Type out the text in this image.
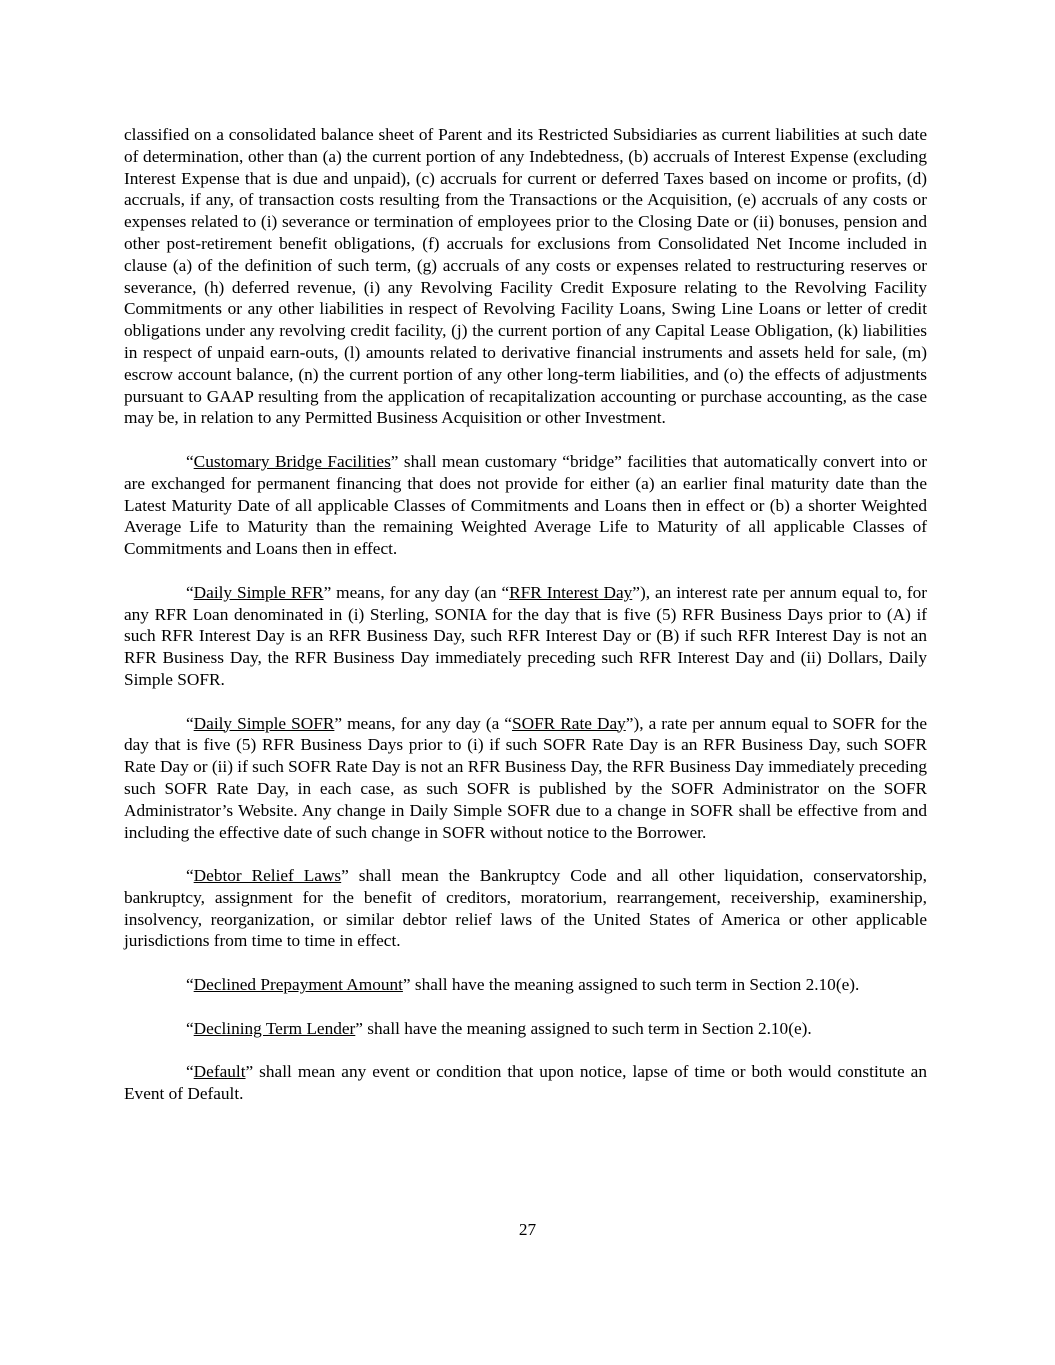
classified on a consolidated balance sheet of Parent and its Restricted Subsidiaries as current liabilities at such date of determination, other than (a) the current portion of any Indebtedness, (b) accruals of Interest Expense (excluding Interest Expense that is due and unpaid), (c) accruals for current or deferred Taxes based on income or profits, (d) accruals, if any, of transaction costs resulting from the Transactions or the Acquisition, (e) accruals of any costs or expenses related to (i) severance or termination of employees prior to the Closing Date or (ii) bonuses, pension and other post-retirement benefit obligations, (f) accruals for exclusions from Consolidated Net Income included in clause (a) of the definition of such term, (g) accruals of any costs or expenses related to restructuring reserves or severance, (h) deferred revenue, (i) any Revolving Facility Credit Exposure relating to the Revolving Facility Commitments or any other liabilities in respect of Revolving Facility Loans, Swing Line Loans or letter of credit obligations under any revolving credit facility, (j) the current portion of any Capital Lease Obligation, (k) liabilities in respect of unpaid earn-outs, (l) amounts related to derivative financial instruments and assets held for sale, (m) escrow account balance, (n) the current portion of any other long-term liabilities, and (o) the effects of adjustments pursuant to GAAP resulting from the application of recapitalization accounting or purchase accounting, as the case may be, in relation to any Permitted Business Acquisition or other Investment.

“Customary Bridge Facilities” shall mean customary “bridge” facilities that automatically convert into or are exchanged for permanent financing that does not provide for either (a) an earlier final maturity date than the Latest Maturity Date of all applicable Classes of Commitments and Loans then in effect or (b) a shorter Weighted Average Life to Maturity than the remaining Weighted Average Life to Maturity of all applicable Classes of Commitments and Loans then in effect.

“Daily Simple RFR” means, for any day (an “RFR Interest Day”), an interest rate per annum equal to, for any RFR Loan denominated in (i) Sterling, SONIA for the day that is five (5) RFR Business Days prior to (A) if such RFR Interest Day is an RFR Business Day, such RFR Interest Day or (B) if such RFR Interest Day is not an RFR Business Day, the RFR Business Day immediately preceding such RFR Interest Day and (ii) Dollars, Daily Simple SOFR.

“Daily Simple SOFR” means, for any day (a “SOFR Rate Day”), a rate per annum equal to SOFR for the day that is five (5) RFR Business Days prior to (i) if such SOFR Rate Day is an RFR Business Day, such SOFR Rate Day or (ii) if such SOFR Rate Day is not an RFR Business Day, the RFR Business Day immediately preceding such SOFR Rate Day, in each case, as such SOFR is published by the SOFR Administrator on the SOFR Administrator’s Website. Any change in Daily Simple SOFR due to a change in SOFR shall be effective from and including the effective date of such change in SOFR without notice to the Borrower.

“Debtor Relief Laws” shall mean the Bankruptcy Code and all other liquidation, conservatorship, bankruptcy, assignment for the benefit of creditors, moratorium, rearrangement, receivership, examinership, insolvency, reorganization, or similar debtor relief laws of the United States of America or other applicable jurisdictions from time to time in effect.

“Declined Prepayment Amount” shall have the meaning assigned to such term in Section 2.10(e).

“Declining Term Lender” shall have the meaning assigned to such term in Section 2.10(e).

“Default” shall mean any event or condition that upon notice, lapse of time or both would constitute an Event of Default.

27
